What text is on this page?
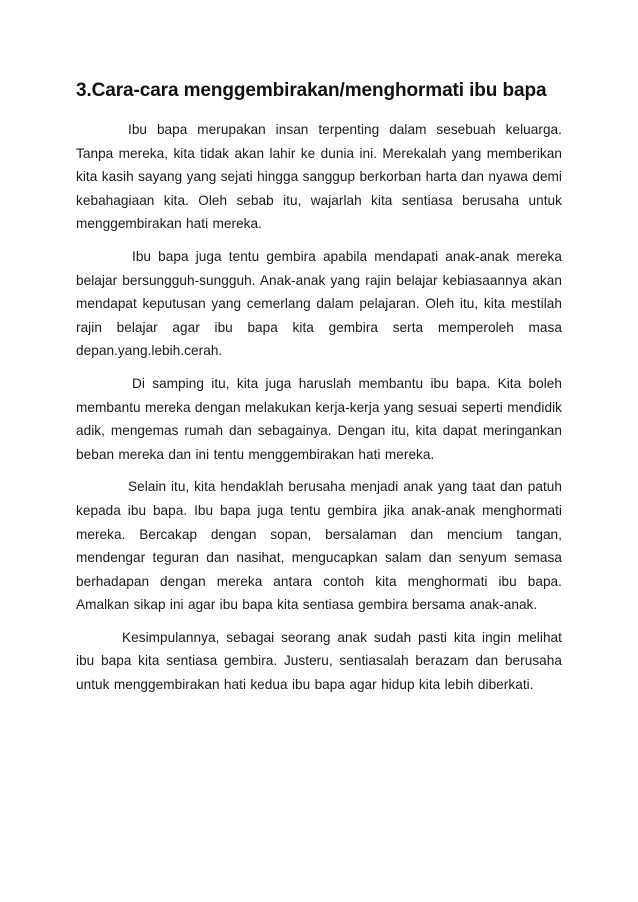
3.Cara-cara menggembirakan/menghormati ibu bapa

Ibu bapa merupakan insan terpenting dalam sesebuah keluarga. Tanpa mereka, kita tidak akan lahir ke dunia ini. Merekalah yang memberikan kita kasih sayang yang sejati hingga sanggup berkorban harta dan nyawa demi kebahagiaan kita. Oleh sebab itu, wajarlah kita sentiasa berusaha untuk menggembirakan hati mereka.

Ibu bapa juga tentu gembira apabila mendapati anak-anak mereka belajar bersungguh-sungguh. Anak-anak yang rajin belajar kebiasaannya akan mendapat keputusan yang cemerlang dalam pelajaran. Oleh itu, kita mestilah rajin belajar agar ibu bapa kita gembira serta memperoleh masa depan.yang.lebih.cerah.

Di samping itu, kita juga haruslah membantu ibu bapa. Kita boleh membantu mereka dengan melakukan kerja-kerja yang sesuai seperti mendidik adik, mengemas rumah dan sebagainya. Dengan itu, kita dapat meringankan beban mereka dan ini tentu menggembirakan hati mereka.

Selain itu, kita hendaklah berusaha menjadi anak yang taat dan patuh kepada ibu bapa. Ibu bapa juga tentu gembira jika anak-anak menghormati mereka. Bercakap dengan sopan, bersalaman dan mencium tangan, mendengar teguran dan nasihat, mengucapkan salam dan senyum semasa berhadapan dengan mereka antara contoh kita menghormati ibu bapa. Amalkan sikap ini agar ibu bapa kita sentiasa gembira bersama anak-anak.

Kesimpulannya, sebagai seorang anak sudah pasti kita ingin melihat ibu bapa kita sentiasa gembira. Justeru, sentiasalah berazam dan berusaha untuk menggembirakan hati kedua ibu bapa agar hidup kita lebih diberkati.
